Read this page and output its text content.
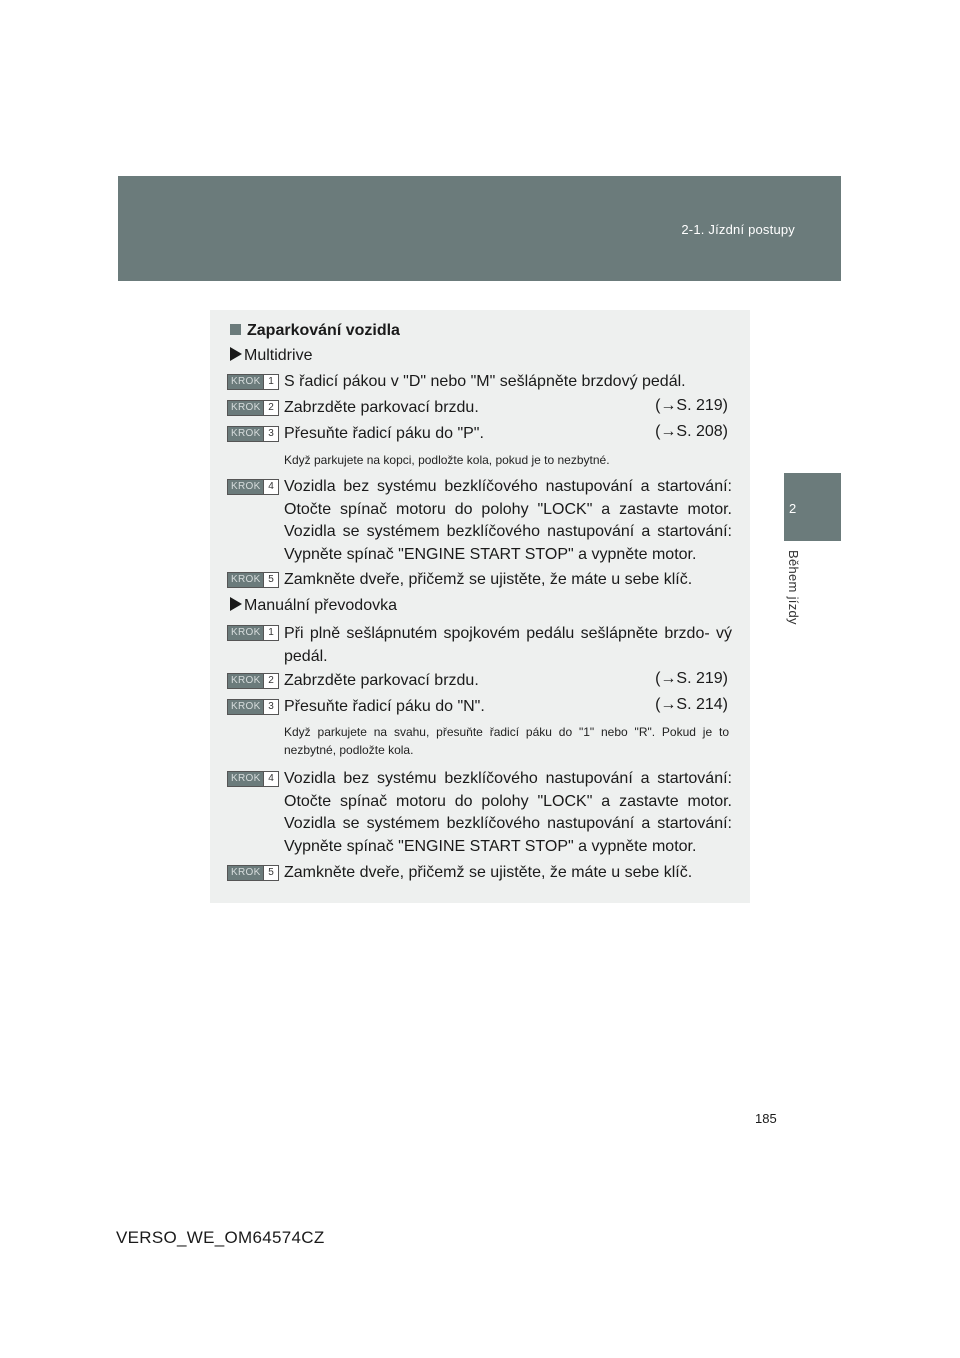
2-1. Jízdní postupy
2
Během jízdy
Zaparkování vozidla
Multidrive
KROK 1 S řadicí pákou v "D" nebo "M" sešlápněte brzdový pedál.
KROK 2 Zabrzděte parkovací brzdu.	(→S. 219)
KROK 3 Přesuňte řadicí páku do "P".	(→S. 208)
Když parkujete na kopci, podložte kola, pokud je to nezbytné.
KROK 4 Vozidla bez systému bezklíčového nastupování a startování: Otočte spínač motoru do polohy "LOCK" a zastavte motor. Vozidla se systémem bezklíčového nastupování a startování: Vypněte spínač "ENGINE START STOP" a vypněte motor.
KROK 5 Zamkněte dveře, přičemž se ujistěte, že máte u sebe klíč.
Manuální převodovka
KROK 1 Při plně sešlápnutém spojkovém pedálu sešlápněte brzdo- vý pedál.
KROK 2 Zabrzděte parkovací brzdu.	(→S. 219)
KROK 3 Přesuňte řadicí páku do "N".	(→S. 214)
Když parkujete na svahu, přesuňte řadicí páku do "1" nebo "R". Pokud je to nezbytné, podložte kola.
KROK 4 Vozidla bez systému bezklíčového nastupování a startování: Otočte spínač motoru do polohy "LOCK" a zastavte motor. Vozidla se systémem bezklíčového nastupování a startování: Vypněte spínač "ENGINE START STOP" a vypněte motor.
KROK 5 Zamkněte dveře, přičemž se ujistěte, že máte u sebe klíč.
185
VERSO_WE_OM64574CZ
